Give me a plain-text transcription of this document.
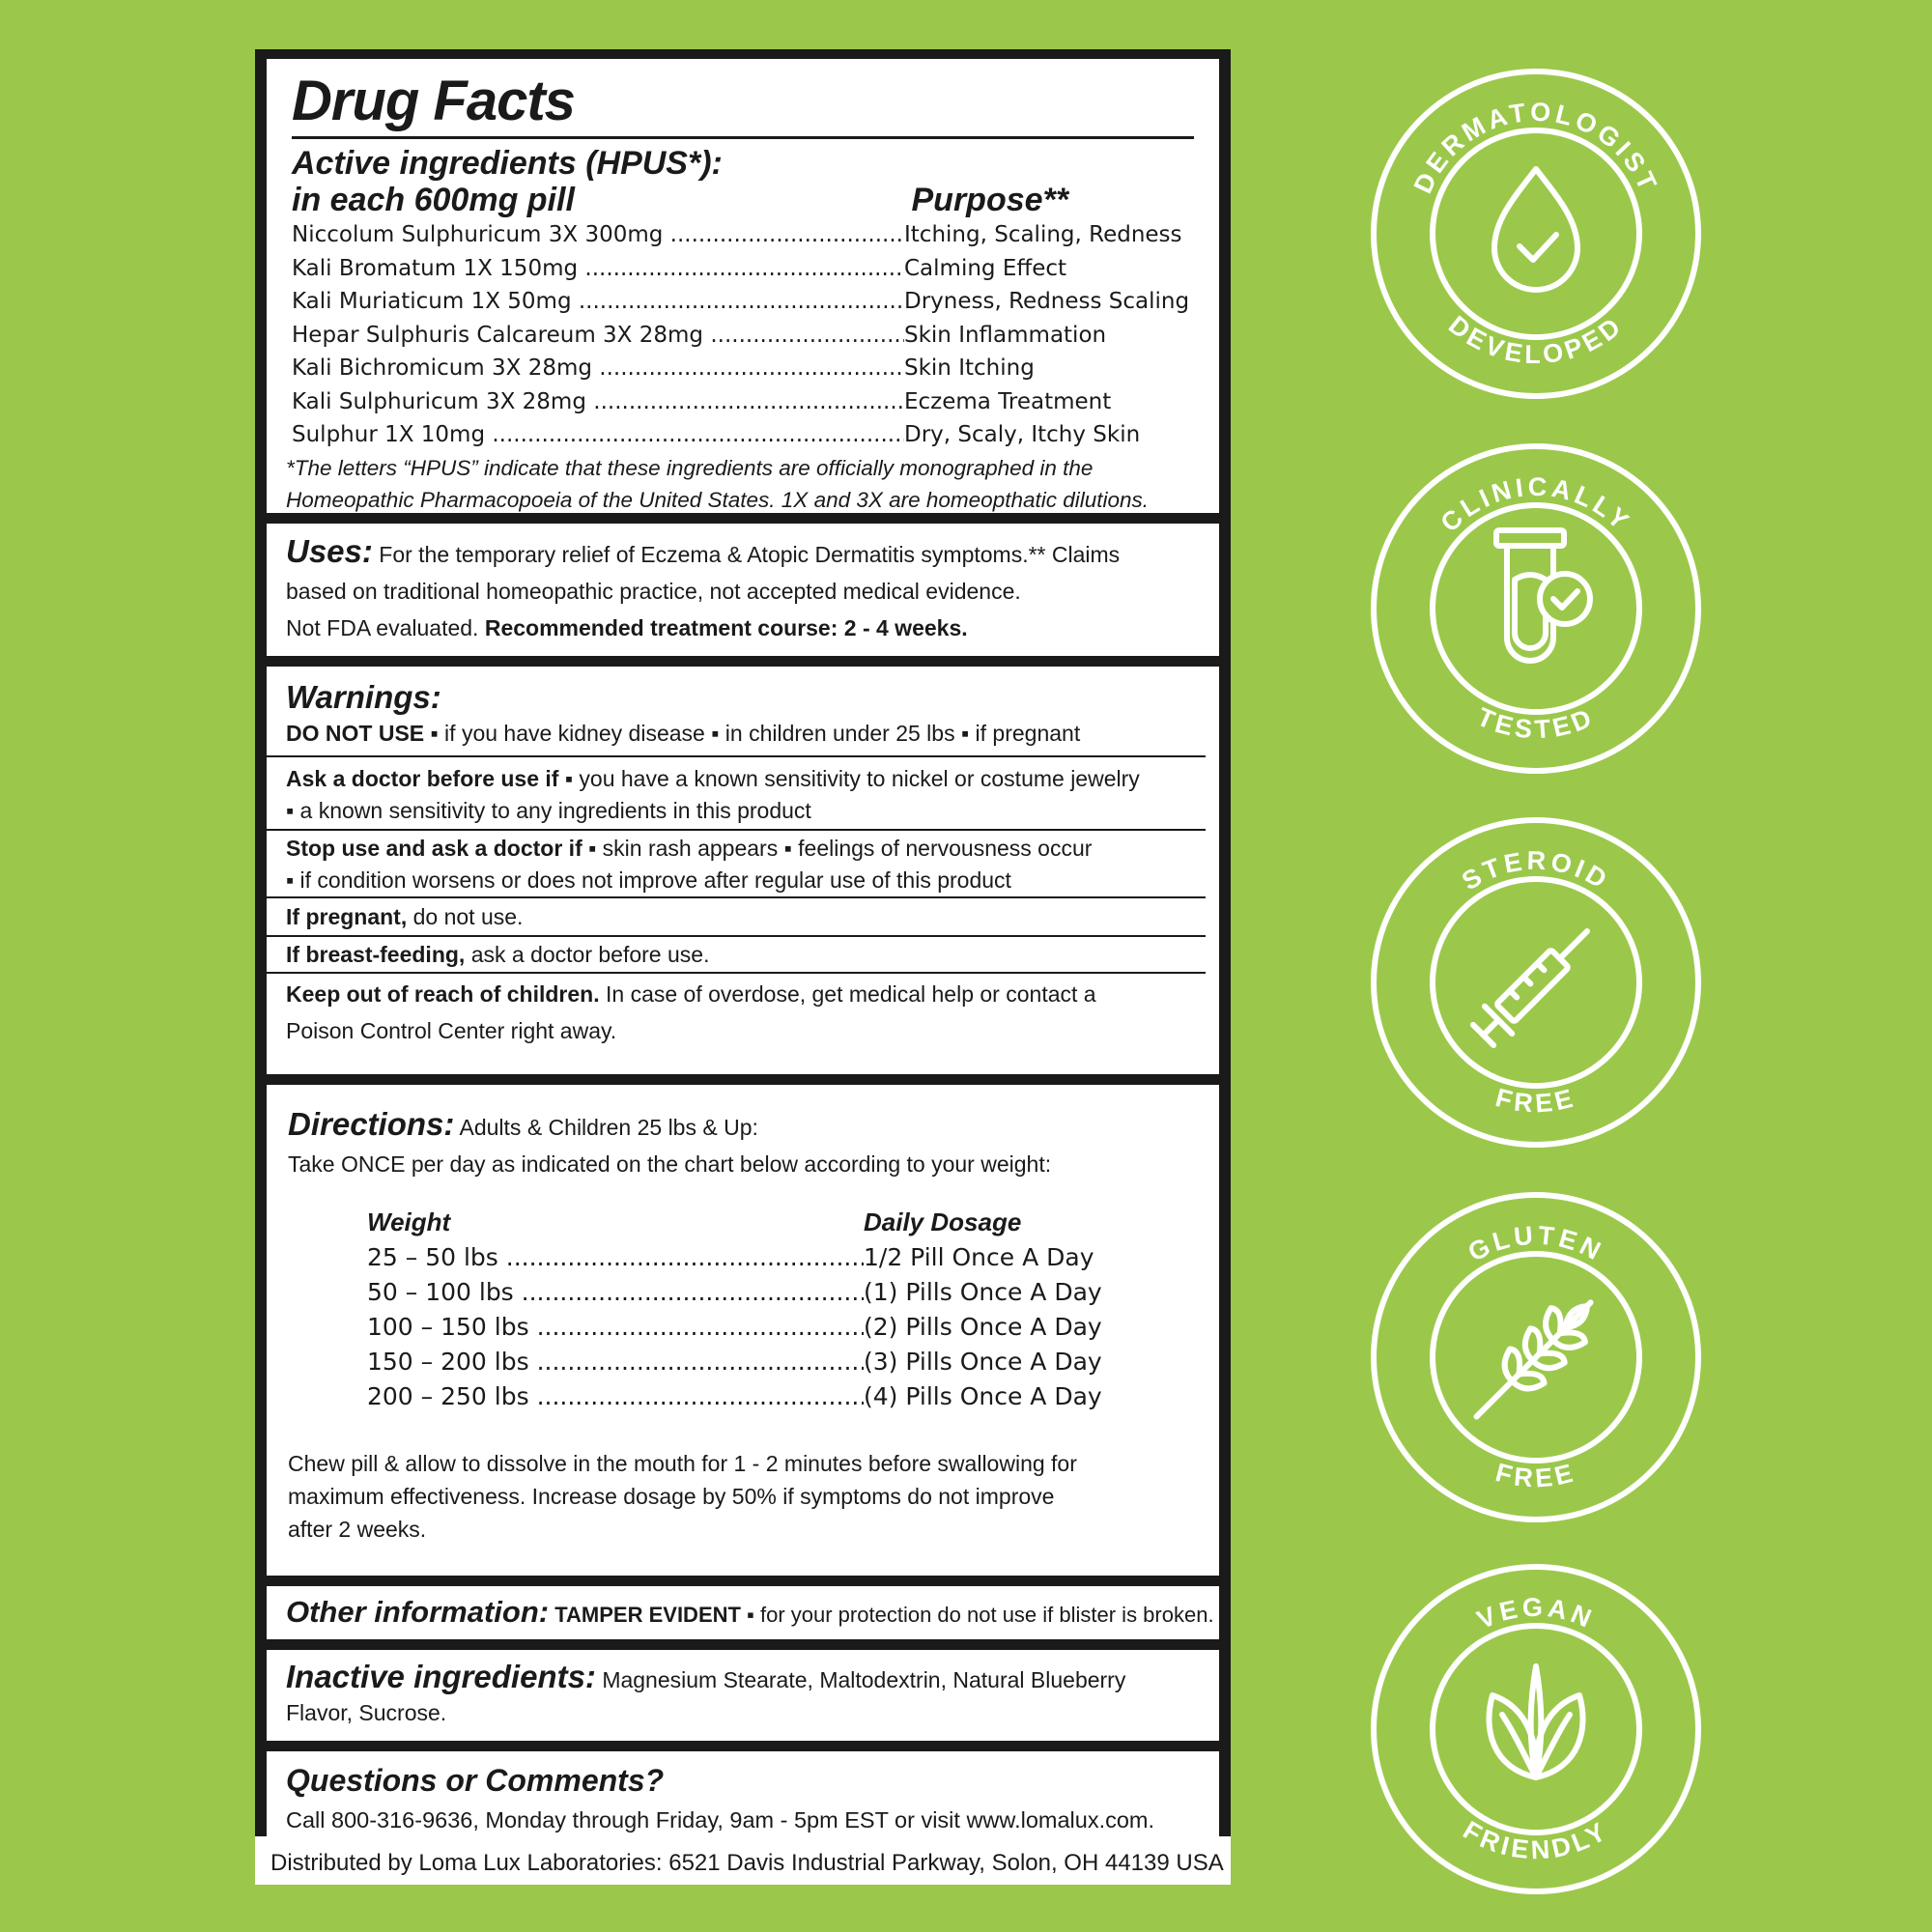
Drug Facts
Active ingredients (HPUS*):
in each 600mg pill	Purpose**
Niccolum Sulphuricum 3X 300mg .....	Itching, Scaling, Redness
Kali Bromatum 1X 150mg .....	Calming Effect
Kali Muriaticum 1X 50mg .....	Dryness, Redness Scaling
Hepar Sulphuris Calcareum 3X 28mg .....	Skin Inflammation
Kali Bichromicum 3X 28mg .....	Skin Itching
Kali Sulphuricum 3X 28mg .....	Eczema Treatment
Sulphur 1X 10mg .....	Dry, Scaly, Itchy Skin
*The letters “HPUS” indicate that these ingredients are officially monographed in the
Homeopathic Pharmacopoeia of the United States. 1X and 3X are homeopthatic dilutions.
Uses: For the temporary relief of Eczema & Atopic Dermatitis symptoms.** Claims
based on traditional homeopathic practice, not accepted medical evidence.
Not FDA evaluated. Recommended treatment course: 2 - 4 weeks.
Warnings:
DO NOT USE ▪ if you have kidney disease ▪ in children under 25 lbs ▪ if pregnant
Ask a doctor before use if ▪ you have a known sensitivity to nickel or costume jewelry
▪ a known sensitivity to any ingredients in this product
Stop use and ask a doctor if ▪ skin rash appears ▪ feelings of nervousness occur
▪ if condition worsens or does not improve after regular use of this product
If pregnant, do not use.
If breast-feeding, ask a doctor before use.
Keep out of reach of children. In case of overdose, get medical help or contact a
Poison Control Center right away.
Directions: Adults & Children 25 lbs & Up:
Take ONCE per day as indicated on the chart below according to your weight:
Weight	Daily Dosage
25 – 50 lbs .....	1/2 Pill Once A Day
50 – 100 lbs .....	(1) Pills Once A Day
100 – 150 lbs .....	(2) Pills Once A Day
150 – 200 lbs .....	(3) Pills Once A Day
200 – 250 lbs .....	(4) Pills Once A Day
Chew pill & allow to dissolve in the mouth for 1 - 2 minutes before swallowing for
maximum effectiveness. Increase dosage by 50% if symptoms do not improve
after 2 weeks.
Other information: TAMPER EVIDENT ▪ for your protection do not use if blister is broken.
Inactive ingredients: Magnesium Stearate, Maltodextrin, Natural Blueberry
Flavor, Sucrose.
Questions or Comments?
Call 800-316-9636, Monday through Friday, 9am - 5pm EST or visit www.lomalux.com.
Distributed by Loma Lux Laboratories: 6521 Davis Industrial Parkway, Solon, OH 44139 USA
DERMATOLOGIST
DEVELOPED
CLINICALLY
TESTED
STEROID
FREE
GLUTEN
FREE
VEGAN
FRIENDLY
